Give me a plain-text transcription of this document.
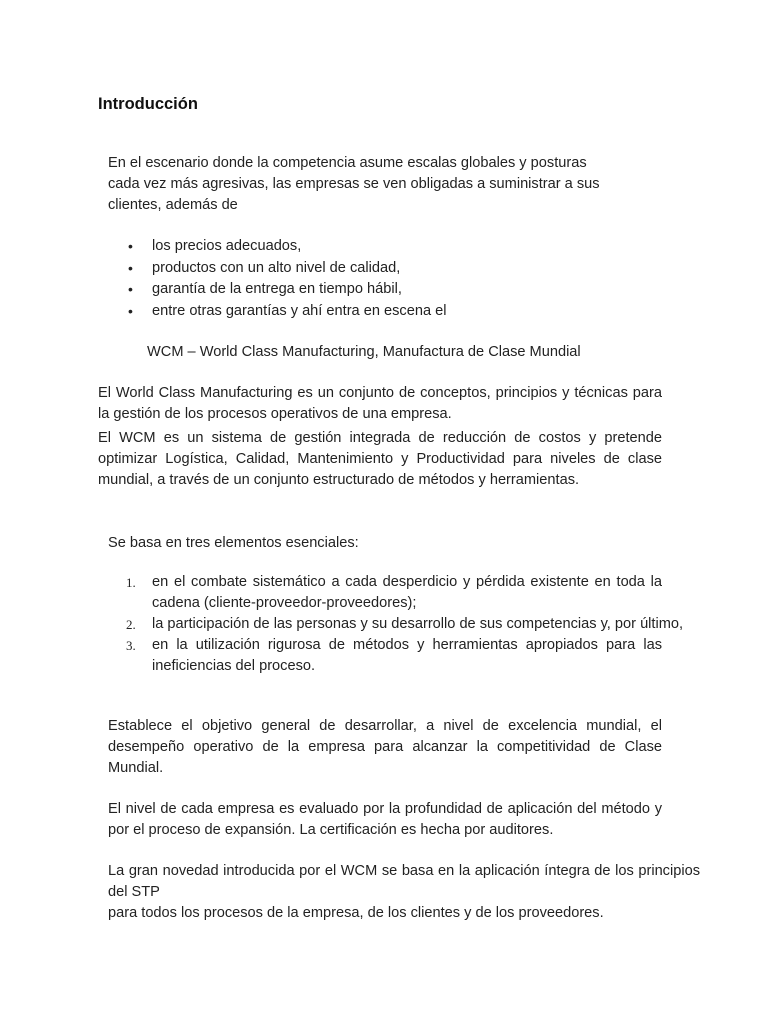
Introducción

En el escenario donde la competencia asume escalas globales y posturas
cada vez más agresivas, las empresas se ven obligadas a suministrar a sus
clientes, además de

• los precios adecuados,
• productos con un alto nivel de calidad,
• garantía de la entrega en tiempo hábil,
• entre otras garantías y ahí entra en escena el

WCM – World Class Manufacturing, Manufactura de Clase Mundial

El World Class Manufacturing es un conjunto de conceptos, principios y técnicas para la gestión de los procesos operativos de una empresa.

El WCM es un sistema de gestión integrada de reducción de costos y pretende optimizar Logística, Calidad, Mantenimiento y Productividad para niveles de clase mundial, a través de un conjunto estructurado de métodos y herramientas.

Se basa en tres elementos esenciales:

1. en el combate sistemático a cada desperdicio y pérdida existente en toda la cadena (cliente-proveedor-proveedores);
2. la participación de las personas y su desarrollo de sus competencias y, por último,
3. en la utilización rigurosa de métodos y herramientas apropiados para las ineficiencias del proceso.

Establece el objetivo general de desarrollar, a nivel de excelencia mundial, el desempeño operativo de la empresa para alcanzar la competitividad de Clase Mundial.

El nivel de cada empresa es evaluado por la profundidad de aplicación del método y por el proceso de expansión. La certificación es hecha por auditores.

La gran novedad introducida por el WCM se basa en la aplicación íntegra de los principios del STP

para todos los procesos de la empresa, de los clientes y de los proveedores.
